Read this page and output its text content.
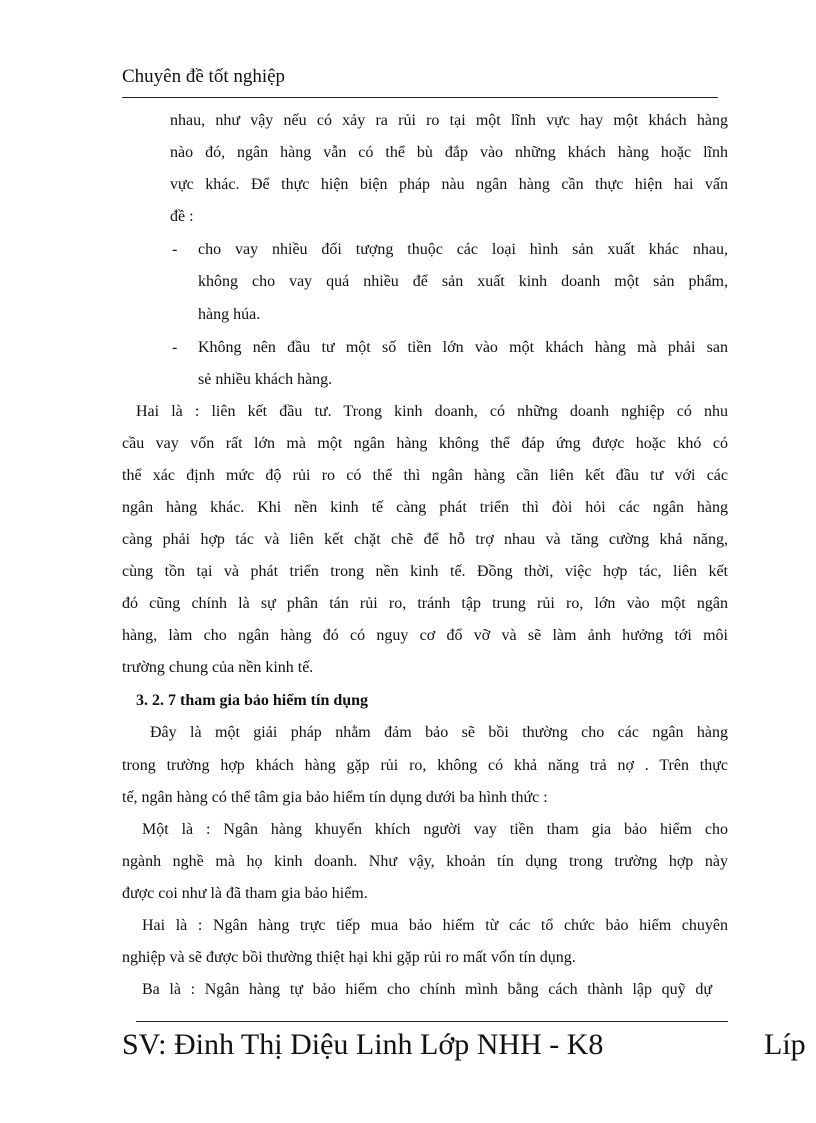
Chuyên đề tốt nghiệp
nhau, như vậy nếu có xảy ra rủi ro tại một lĩnh vực hay một khách hàng
nào đó, ngân hàng vẫn có thể bù đắp vào những khách hàng hoặc lĩnh
vực khác. Để thực hiện biện pháp nàu ngân hàng cần thực hiện hai vấn
đề :
- cho vay nhiều đối tượng thuộc các loại hình sản xuất khác nhau,
không cho vay quá nhiều để sản xuất kinh doanh một sản phẩm,
hàng húa.
- Không nên đầu tư một số tiền lớn vào một khách hàng mà phải san
sẻ nhiều khách hàng.
Hai là : liên kết đầu tư. Trong kinh doanh, có những doanh nghiệp có nhu
cầu vay vốn rất lớn mà một ngân hàng không thể đáp ứng được hoặc khó có
thể xác định mức độ rủi ro có thể thì ngân hàng cần liên kết đầu tư với các
ngân hàng khác. Khi nền kinh tế càng phát triển thì đòi hỏi các ngân hàng
càng phải hợp tác và liên kết chặt chẽ để hỗ trợ nhau và tăng cường khả năng,
cùng tồn tại và phát triển trong nền kinh tế. Đồng thời, việc hợp tác, liên kết
đó cũng chính là sự phân tán rủi ro, tránh tập trung rủi ro, lớn vào một ngân
hàng, làm cho ngân hàng đó có nguy cơ đổ vỡ và sẽ làm ảnh hưởng tới môi
trường chung của nền kinh tế.
3. 2. 7 tham gia bảo hiểm tín dụng
Đây là một giải pháp nhằm đảm bảo sẽ bồi thường cho các ngân hàng
trong trường hợp khách hàng gặp rủi ro, không có khả năng trả nợ . Trên thực
tế, ngân hàng có thể tâm gia bảo hiểm tín dụng dưới ba hình thức :
Một là : Ngân hàng khuyến khích người vay tiền tham gia bảo hiểm cho
ngành nghề mà họ kinh doanh. Như vậy, khoản tín dụng trong trường hợp này
được coi như là đã tham gia bảo hiểm.
Hai là : Ngân hàng trực tiếp mua bảo hiểm từ các tổ chức bảo hiểm chuyên
nghiệp và sẽ được bồi thường thiệt hại khi gặp rủi ro mất vốn tín dụng.
Ba là : Ngân hàng tự bảo hiểm cho chính mình bằng cách thành lập quỹ dự
SV: Đinh Thị Diệu Linh Lớp NHH - K8	Líp
